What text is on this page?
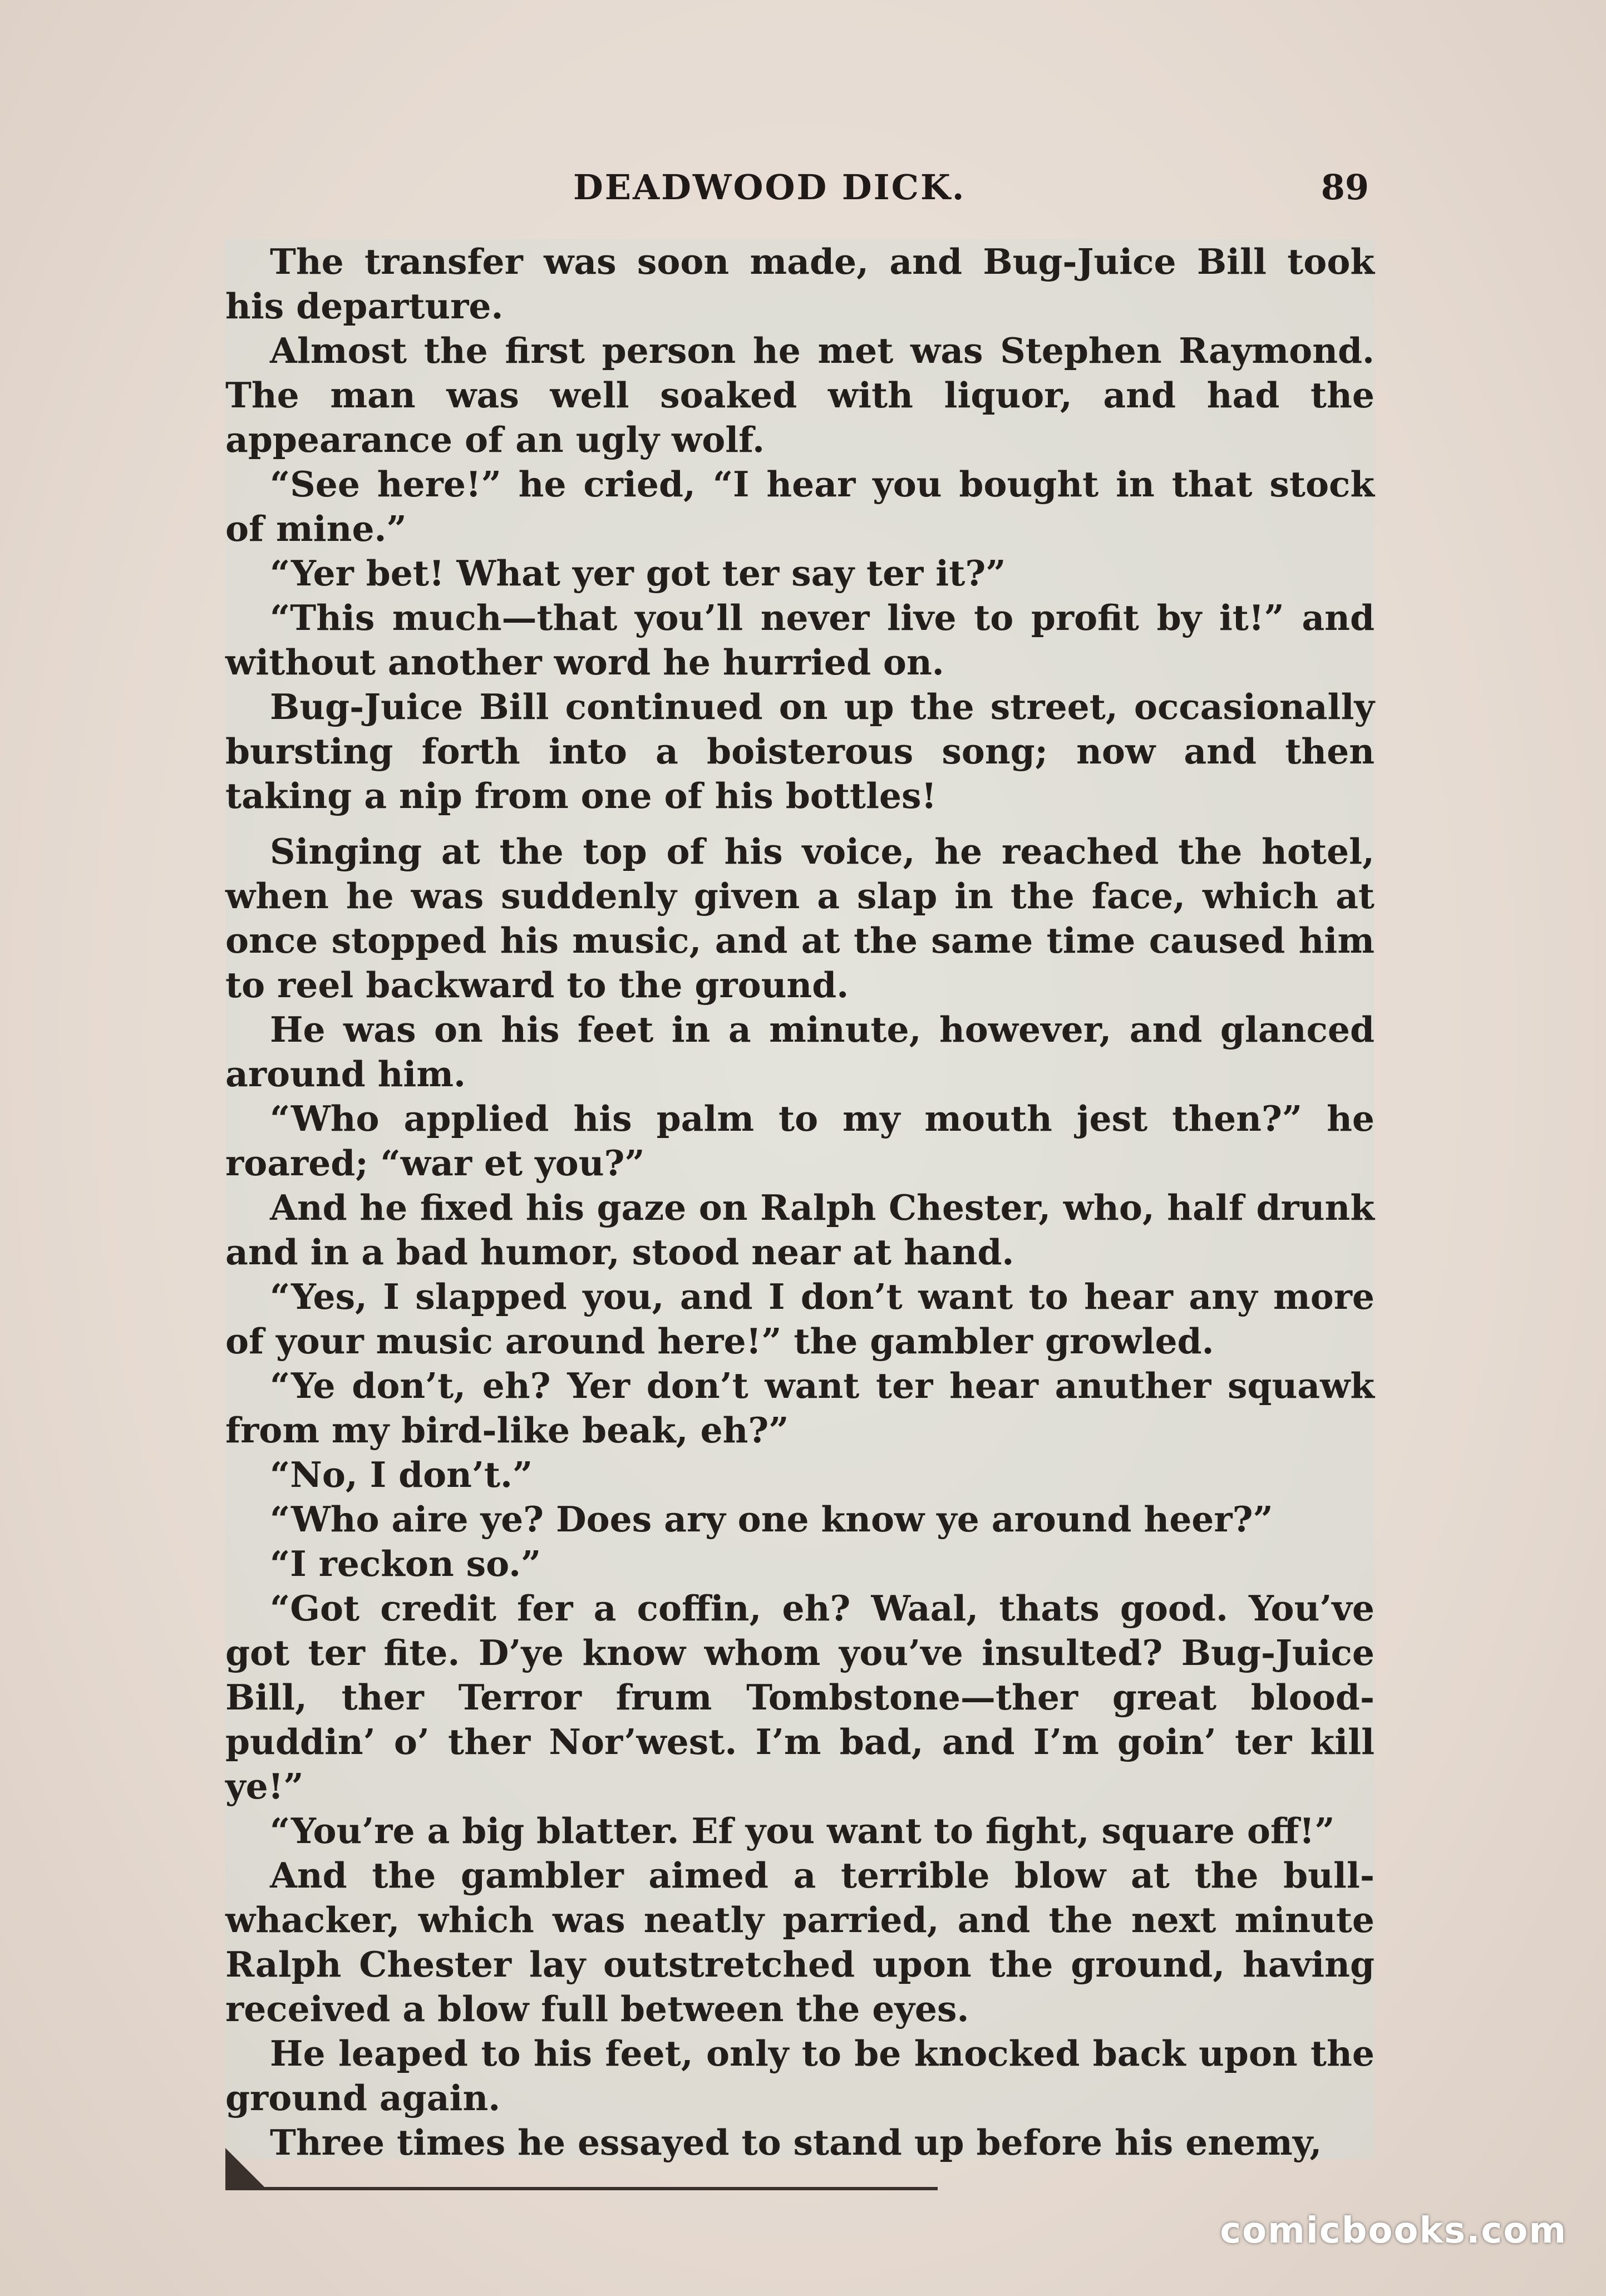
DEADWOOD DICK.	89

The transfer was soon made, and Bug-Juice Bill took his departure.

Almost the first person he met was Stephen Raymond. The man was well soaked with liquor, and had the appearance of an ugly wolf.

“See here!” he cried, “I hear you bought in that stock of mine.”

“Yer bet! What yer got ter say ter it?”

“This much—that you’ll never live to profit by it!” and without another word he hurried on.

Bug-Juice Bill continued on up the street, occasionally bursting forth into a boisterous song; now and then taking a nip from one of his bottles!

Singing at the top of his voice, he reached the hotel, when he was suddenly given a slap in the face, which at once stopped his music, and at the same time caused him to reel backward to the ground.

He was on his feet in a minute, however, and glanced around him.

“Who applied his palm to my mouth jest then?” he roared; “war et you?”

And he fixed his gaze on Ralph Chester, who, half drunk and in a bad humor, stood near at hand.

“Yes, I slapped you, and I don’t want to hear any more of your music around here!” the gambler growled.

“Ye don’t, eh? Yer don’t want ter hear anuther squawk from my bird-like beak, eh?”

“No, I don’t.”

“Who aire ye? Does ary one know ye around heer?”

“I reckon so.”

“Got credit fer a coffin, eh? Waal, thats good. You’ve got ter fite. D’ye know whom you’ve insulted? Bug-Juice Bill, ther Terror frum Tombstone—ther great blood-puddin’ o’ ther Nor’west. I’m bad, and I’m goin’ ter kill ye!”

“You’re a big blatter. Ef you want to fight, square off!”

And the gambler aimed a terrible blow at the bull-whacker, which was neatly parried, and the next minute Ralph Chester lay outstretched upon the ground, having received a blow full between the eyes.

He leaped to his feet, only to be knocked back upon the ground again.

Three times he essayed to stand up before his enemy,

comicbooks.com
